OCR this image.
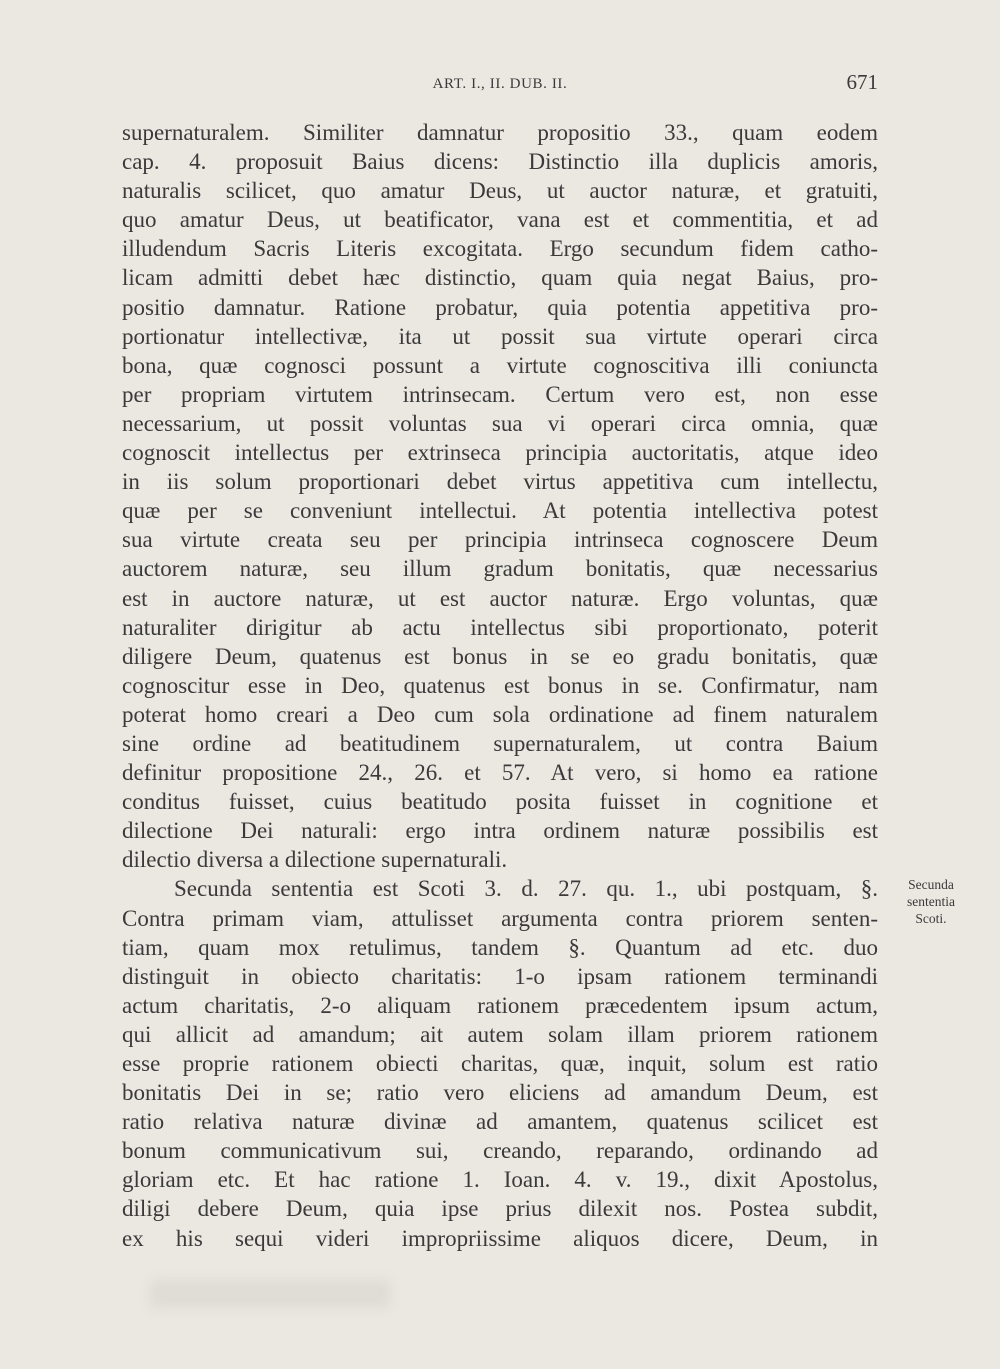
ART. I., II. DUB. II.	671
supernaturalem. Similiter damnatur propositio 33., quam eodem
cap. 4. proposuit Baius dicens: Distinctio illa duplicis amoris,
naturalis scilicet, quo amatur Deus, ut auctor naturæ, et gratuiti,
quo amatur Deus, ut beatificator, vana est et commentitia, et ad
illudendum Sacris Literis excogitata. Ergo secundum fidem catho-
licam admitti debet hæc distinctio, quam quia negat Baius, pro-
positio damnatur. Ratione probatur, quia potentia appetitiva pro-
portionatur intellectivæ, ita ut possit sua virtute operari circa
bona, quæ cognosci possunt a virtute cognoscitiva illi coniuncta
per propriam virtutem intrinsecam. Certum vero est, non esse
necessarium, ut possit voluntas sua vi operari circa omnia, quæ
cognoscit intellectus per extrinseca principia auctoritatis, atque ideo
in iis solum proportionari debet virtus appetitiva cum intellectu,
quæ per se conveniunt intellectui. At potentia intellectiva potest
sua virtute creata seu per principia intrinseca cognoscere Deum
auctorem naturæ, seu illum gradum bonitatis, quæ necessarius
est in auctore naturæ, ut est auctor naturæ. Ergo voluntas, quæ
naturaliter dirigitur ab actu intellectus sibi proportionato, poterit
diligere Deum, quatenus est bonus in se eo gradu bonitatis, quæ
cognoscitur esse in Deo, quatenus est bonus in se. Confirmatur, nam
poterat homo creari a Deo cum sola ordinatione ad finem naturalem
sine ordine ad beatitudinem supernaturalem, ut contra Baium
definitur propositione 24., 26. et 57. At vero, si homo ea ratione
conditus fuisset, cuius beatitudo posita fuisset in cognitione et
dilectione Dei naturali: ergo intra ordinem naturæ possibilis est
dilectio diversa a dilectione supernaturali.
Secunda sententia est Scoti 3. d. 27. qu. 1., ubi postquam, §.
Contra primam viam, attulisset argumenta contra priorem senten-
tiam, quam mox retulimus, tandem §. Quantum ad etc. duo
distinguit in obiecto charitatis: 1-o ipsam rationem terminandi
actum charitatis, 2-o aliquam rationem præcedentem ipsum actum,
qui allicit ad amandum; ait autem solam illam priorem rationem
esse proprie rationem obiecti charitas, quæ, inquit, solum est ratio
bonitatis Dei in se; ratio vero eliciens ad amandum Deum, est
ratio relativa naturæ divinæ ad amantem, quatenus scilicet est
bonum communicativum sui, creando, reparando, ordinando ad
gloriam etc. Et hac ratione 1. Ioan. 4. v. 19., dixit Apostolus,
diligi debere Deum, quia ipse prius dilexit nos. Postea subdit,
ex his sequi videri impropriissime aliquos dicere, Deum, in
Secunda
sententia
Scoti.
